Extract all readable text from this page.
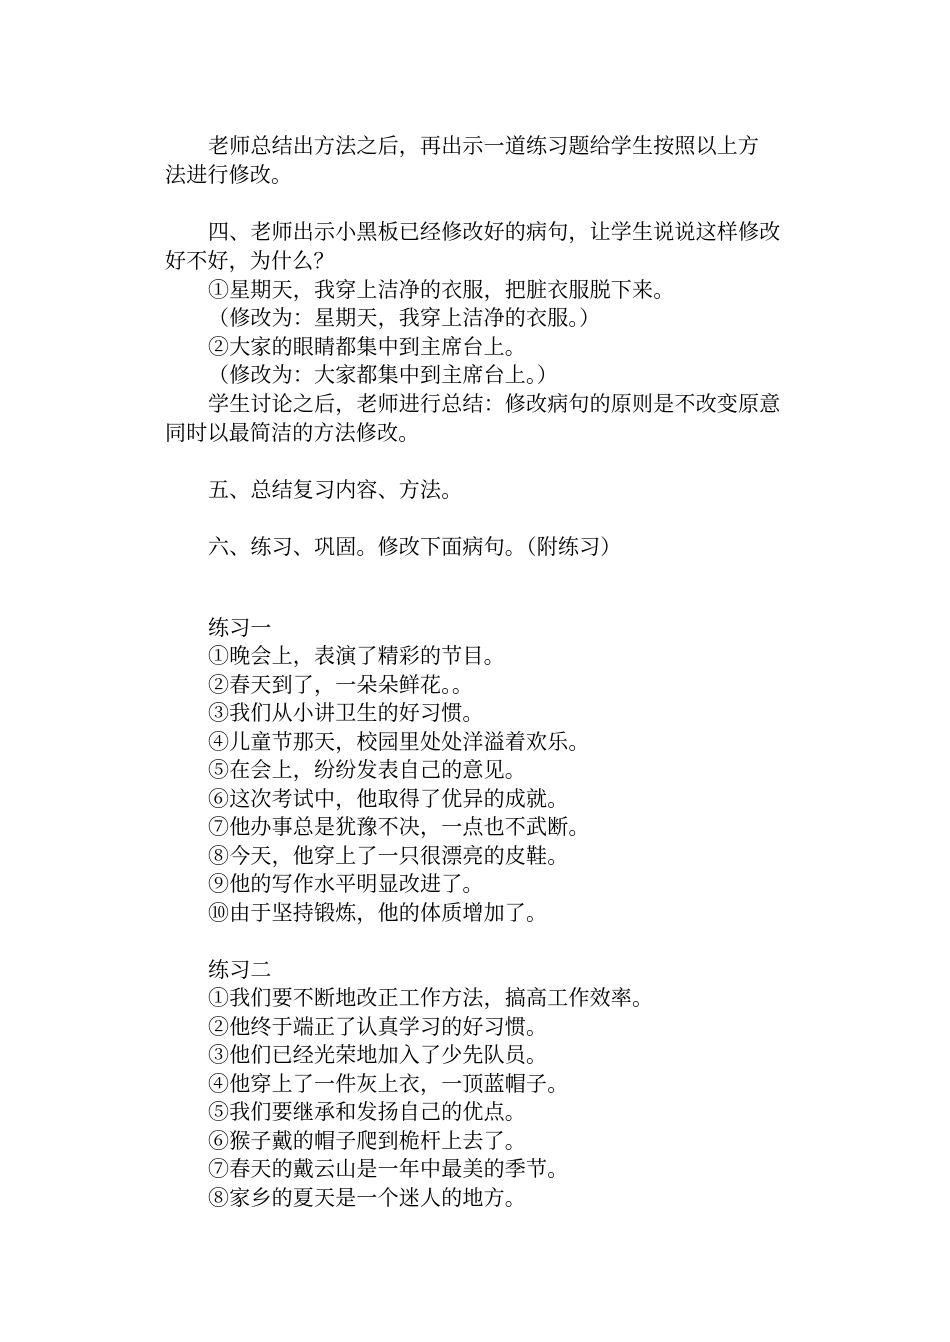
老师总结出方法之后，再出示一道练习题给学生按照以上方
法进行修改。
四、老师出示小黑板已经修改好的病句，让学生说说这样修改
好不好，为什么？
①星期天，我穿上洁净的衣服，把脏衣服脱下来。
（修改为：星期天，我穿上洁净的衣服。）
②大家的眼睛都集中到主席台上。
（修改为：大家都集中到主席台上。）
学生讨论之后，老师进行总结：修改病句的原则是不改变原意
同时以最简洁的方法修改。
五、总结复习内容、方法。
六、练习、巩固。修改下面病句。（附练习）
练习一
①晚会上，表演了精彩的节目。
②春天到了，一朵朵鲜花。。
③我们从小讲卫生的好习惯。
④儿童节那天，校园里处处洋溢着欢乐。
⑤在会上，纷纷发表自己的意见。
⑥这次考试中，他取得了优异的成就。
⑦他办事总是犹豫不决，一点也不武断。
⑧今天，他穿上了一只很漂亮的皮鞋。
⑨他的写作水平明显改进了。
⑩由于坚持锻炼，他的体质增加了。
练习二
①我们要不断地改正工作方法，搞高工作效率。
②他终于端正了认真学习的好习惯。
③他们已经光荣地加入了少先队员。
④他穿上了一件灰上衣，一顶蓝帽子。
⑤我们要继承和发扬自己的优点。
⑥猴子戴的帽子爬到桅杆上去了。
⑦春天的戴云山是一年中最美的季节。
⑧家乡的夏天是一个迷人的地方。
